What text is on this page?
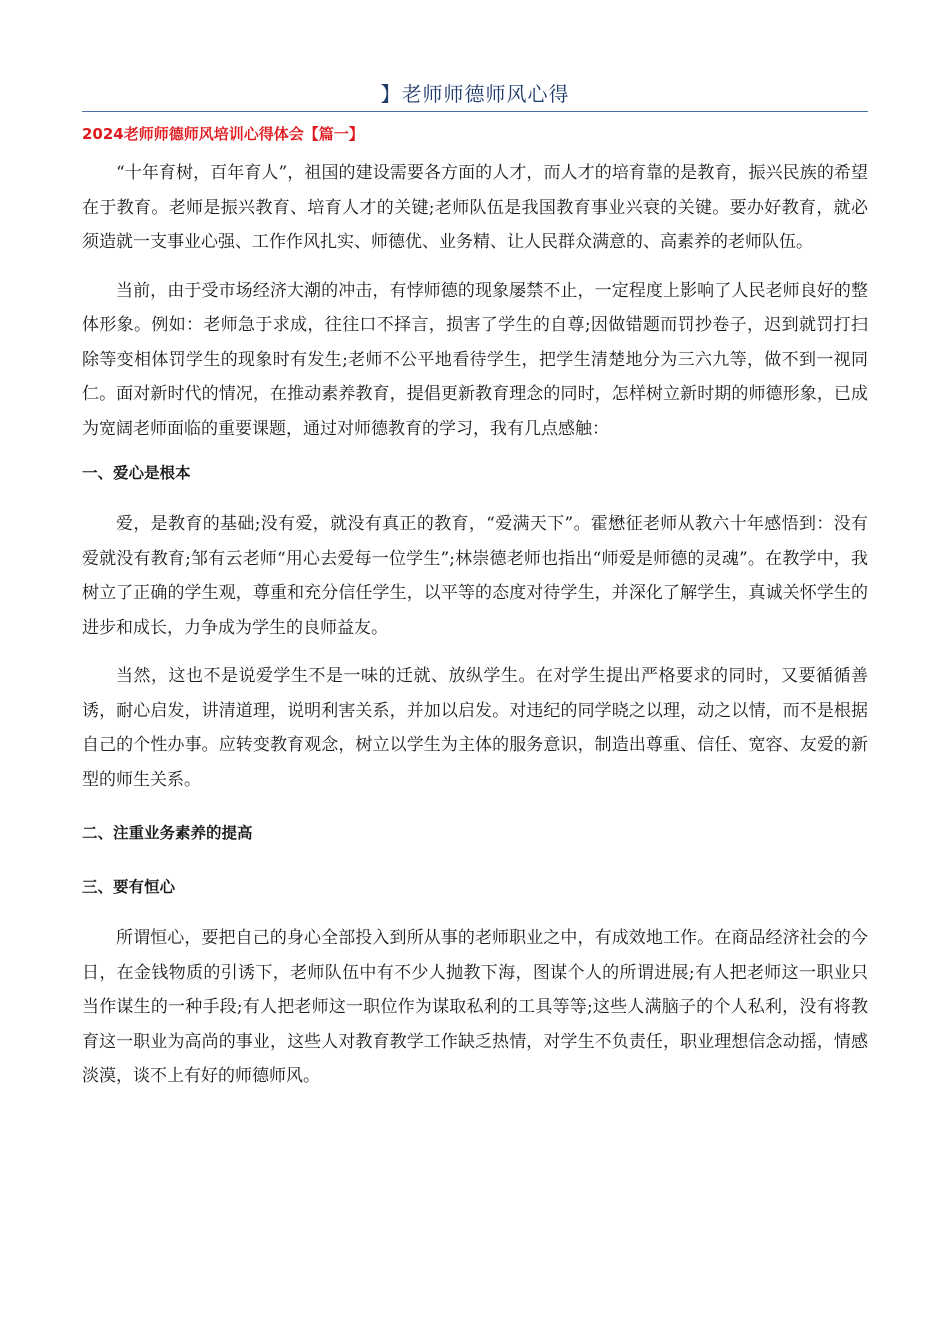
】老师师德师风心得

2024老师师德师风培训心得体会【篇一】

“十年育树，百年育人”，祖国的建设需要各方面的人才，而人才的培育靠的是教育，振兴民族的希望在于教育。老师是振兴教育、培育人才的关键;老师队伍是我国教育事业兴衰的关键。要办好教育，就必须造就一支事业心强、工作作风扎实、师德优、业务精、让人民群众满意的、高素养的老师队伍。

当前，由于受市场经济大潮的冲击，有悖师德的现象屡禁不止，一定程度上影响了人民老师良好的整体形象。例如：老师急于求成，往往口不择言，损害了学生的自尊;因做错题而罚抄卷子，迟到就罚打扫除等变相体罚学生的现象时有发生;老师不公平地看待学生，把学生清楚地分为三六九等，做不到一视同仁。面对新时代的情况，在推动素养教育，提倡更新教育理念的同时，怎样树立新时期的师德形象，已成为宽阔老师面临的重要课题，通过对师德教育的学习，我有几点感触：

一、爱心是根本

爱，是教育的基础;没有爱，就没有真正的教育，“爱满天下”。霍懋征老师从教六十年感悟到：没有爱就没有教育;邹有云老师“用心去爱每一位学生”;林崇德老师也指出“师爱是师德的灵魂”。在教学中，我树立了正确的学生观，尊重和充分信任学生，以平等的态度对待学生，并深化了解学生，真诚关怀学生的进步和成长，力争成为学生的良师益友。

当然，这也不是说爱学生不是一味的迁就、放纵学生。在对学生提出严格要求的同时，又要循循善诱，耐心启发，讲清道理，说明利害关系，并加以启发。对违纪的同学晓之以理，动之以情，而不是根据自己的个性办事。应转变教育观念，树立以学生为主体的服务意识，制造出尊重、信任、宽容、友爱的新型的师生关系。

二、注重业务素养的提高

三、要有恒心

所谓恒心，要把自己的身心全部投入到所从事的老师职业之中，有成效地工作。在商品经济社会的今日，在金钱物质的引诱下，老师队伍中有不少人抛教下海，图谋个人的所谓进展;有人把老师这一职业只当作谋生的一种手段;有人把老师这一职位作为谋取私利的工具等等;这些人满脑子的个人私利，没有将教育这一职业为高尚的事业，这些人对教育教学工作缺乏热情，对学生不负责任，职业理想信念动摇，情感淡漠，谈不上有好的师德师风。
